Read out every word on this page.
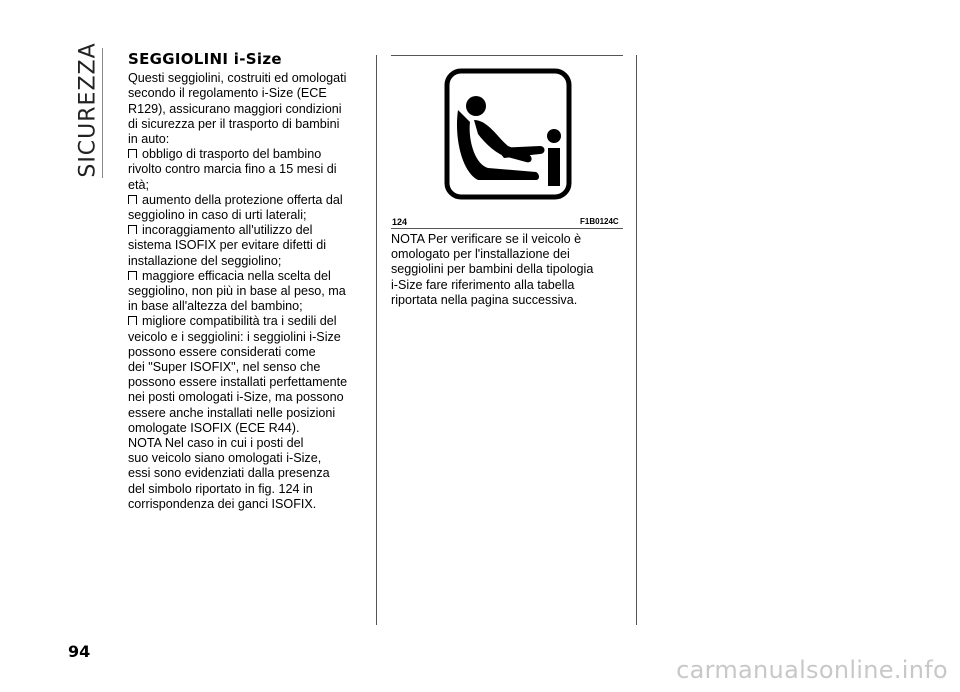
SICUREZZA SEGGIOLINI i-Size

Questi seggiolini, costruiti ed omologati
secondo il regolamento i-Size (ECE
R129), assicurano maggiori condizioni
di sicurezza per il trasporto di bambini
in auto:

obbligo di trasporto del bambino
rivolto contro marcia fino a 15 mesi di
età;

aumento della protezione offerta dal
seggiolino in caso di urti laterali;

incoraggiamento all'utilizzo del
sistema ISOFIX per evitare difetti di
installazione del seggiolino;

maggiore efficacia nella scelta del
seggiolino, non più in base al peso, ma
in base all'altezza del bambino;

migliore compatibilità tra i sedili del
veicolo e i seggiolini: i seggiolini i-Size
possono essere considerati come
dei "Super ISOFIX", nel senso che
possono essere installati perfettamente
nei posti omologati i-Size, ma possono
essere anche installati nelle posizioni
omologate ISOFIX (ECE R44).

NOTA Nel caso in cui i posti del
suo veicolo siano omologati i-Size,
essi sono evidenziati dalla presenza
del simbolo riportato in fig. 124 in
corrispondenza dei ganci ISOFIX.

124	F1B0124C

NOTA Per verificare se il veicolo è
omologato per l'installazione dei
seggiolini per bambini della tipologia
i-Size fare riferimento alla tabella
riportata nella pagina successiva.

94
carmanualsonline.info
